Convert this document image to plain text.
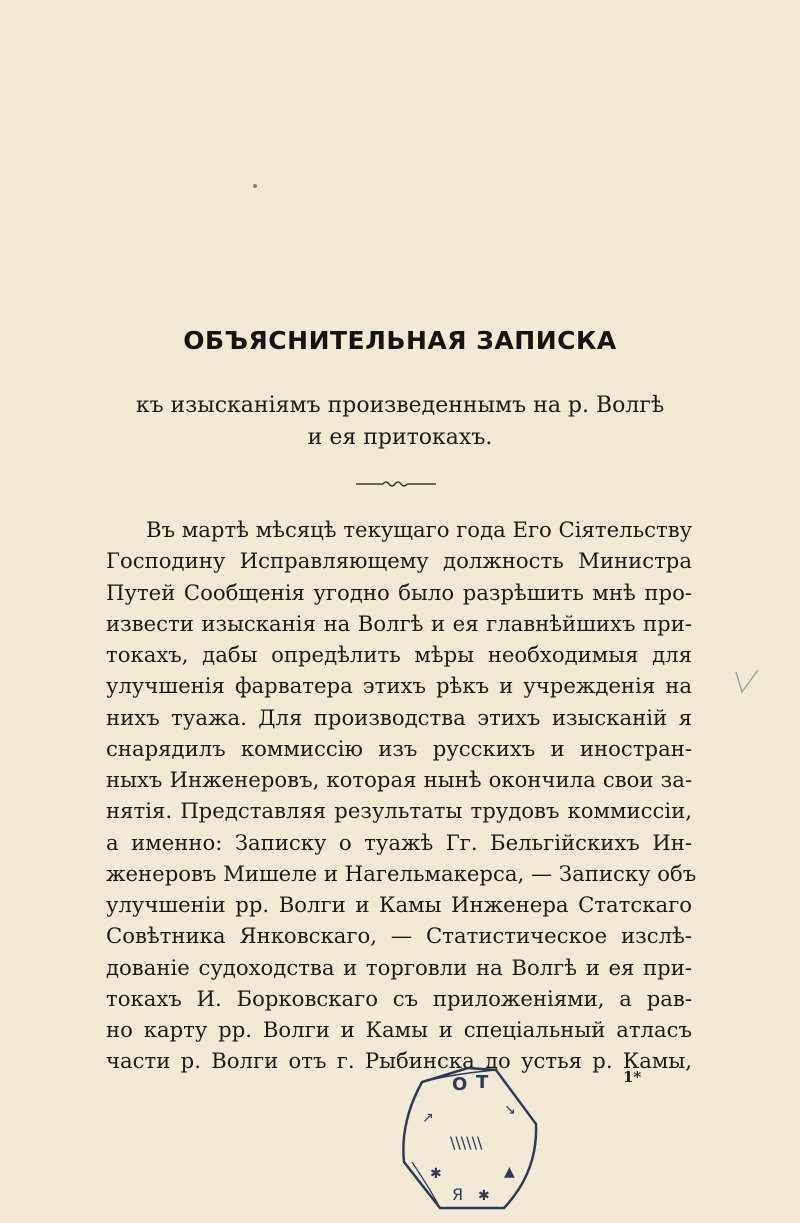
ОБЪЯСНИТЕЛЬНАЯ ЗАПИСКА
къ изысканіямъ произведеннымъ на р. Волгѣ
и ея притокахъ.
Въ мартѣ мѣсяцѣ текущаго года Его Сіятельству
Господину Исправляющему должность Министра
Путей Сообщенія угодно было разрѣшить мнѣ про-
извести изысканія на Волгѣ и ея главнѣйшихъ при-
токахъ, дабы опредѣлить мѣры необходимыя для
улучшенія фарватера этихъ рѣкъ и учрежденія на
нихъ туажа. Для производства этихъ изысканій я
снарядилъ коммиссію изъ русскихъ и иностран-
ныхъ Инженеровъ, которая нынѣ окончила свои за-
нятія. Представляя результаты трудовъ коммиссіи,
а именно: Записку о туажѣ Гг. Бельгійскихъ Ин-
женеровъ Мишеле и Нагельмакерса, — Записку объ
улучшеніи рр. Волги и Камы Инженера Статскаго
Совѣтника Янковскаго, — Статистическое изслѣ-
дованіе судоходства и торговли на Волгѣ и ея при-
токахъ И. Борковскаго съ приложеніями, а рав-
но карту рр. Волги и Камы и спеціальный атласъ
части р. Волги отъ г. Рыбинска до устья р. Камы,
1*
О Т
↗	↘
\\\\\\
✱	▲
Я ✱
